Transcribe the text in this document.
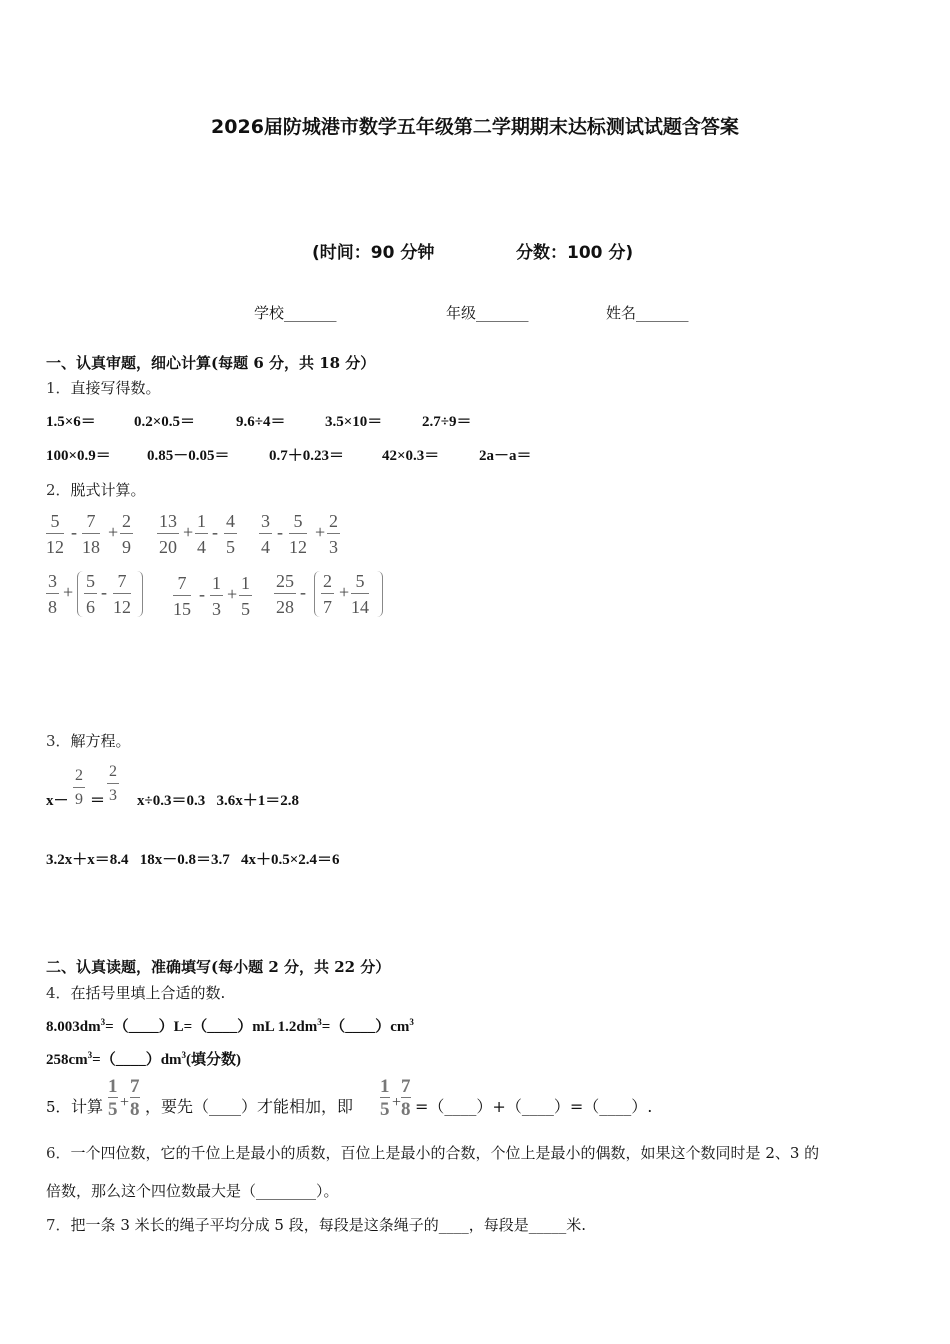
2026届防城港市数学五年级第二学期期末达标测试试题含答案
(时间：90 分钟	分数：100 分)
学校_______	年级_______	姓名_______
一、认真审题，细心计算(每题 6 分，共 18 分）
1．直接写得数。
1.5×6＝	0.2×0.5＝	9.6÷4＝	3.5×10＝	2.7÷9＝
100×0.9＝ 0.85－0.05＝	0.7＋0.23＝	42×0.3＝	2a－a＝
2．脱式计算。
$\frac{5}{12} - \frac{7}{18} + \frac{2}{9} \frac{13}{20} + \frac{1}{4} - \frac{4}{5} \frac{3}{4} - \frac{5}{12} + \frac{2}{3}$
$\frac{3}{8} + \frac{5}{6} - \frac{7}{12} \frac{7}{15} - \frac{1}{3} + \frac{1}{5} \frac{25}{28} - \frac{2}{7} + \frac{5}{14}$
3．解方程。
$x- \frac{2}{9} = \frac{2}{3} x\div 0.3=0.3$   3.6x＋1＝2.8
3.2x＋x＝8.4   18x－0.8＝3.7   4x＋0.5×2.4＝6
二、认真读题，准确填写(每小题 2 分，共 22 分）
4．在括号里填上合适的数.
$8.003dm^3=(\_\_\_\_)L=(\_\_\_\_)mL$ $1.2dm^3=(\_\_\_\_)cm^3$
$258cm^3=(\_\_\_\_)dm^3$(填分数)
5． 计算 $\frac{1}{5} + \frac{7}{8}$ ，要先（____）才能相加，即 $\frac{1}{5} + \frac{7}{8}$ =（____）+（____）=（____）.
6．一个四位数，它的千位上是最小的质数，百位上是最小的合数，个位上是最小的偶数，如果这个数同时是 2、3 的
倍数，那么这个四位数最大是（________）。
7．把一条 3 米长的绳子平均分成 5 段，每段是这条绳子的____，每段是_____米.
